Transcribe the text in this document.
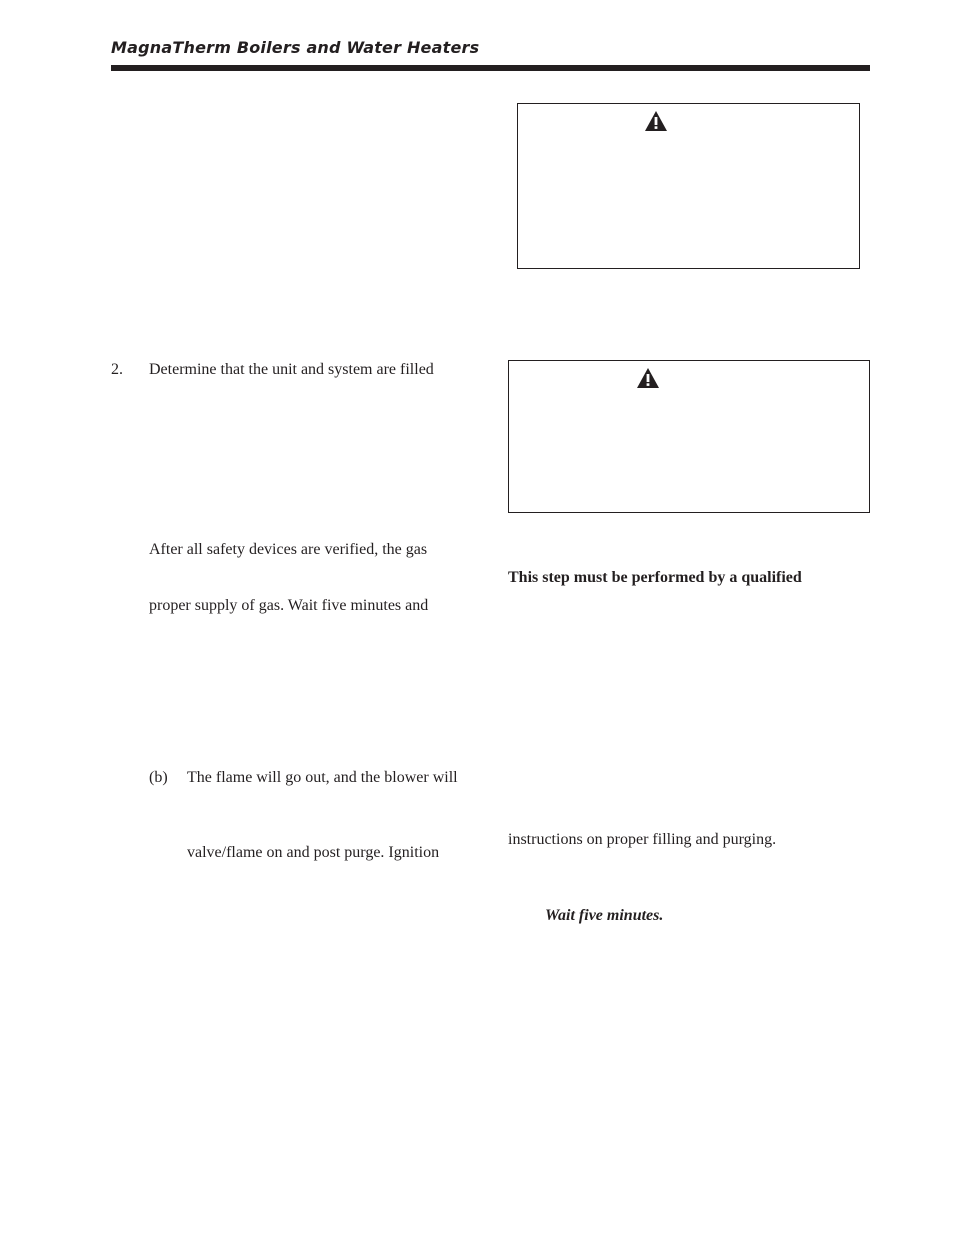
MagnaTherm Boilers and Water Heaters
2. Determine that the unit and system are filled
After all safety devices are verified, the gas
proper supply of gas. Wait five minutes and
(b) The flame will go out, and the blower will
valve/flame on and post purge. Ignition
This step must be performed by a qualified
instructions on proper filling and purging.
Wait five minutes.
